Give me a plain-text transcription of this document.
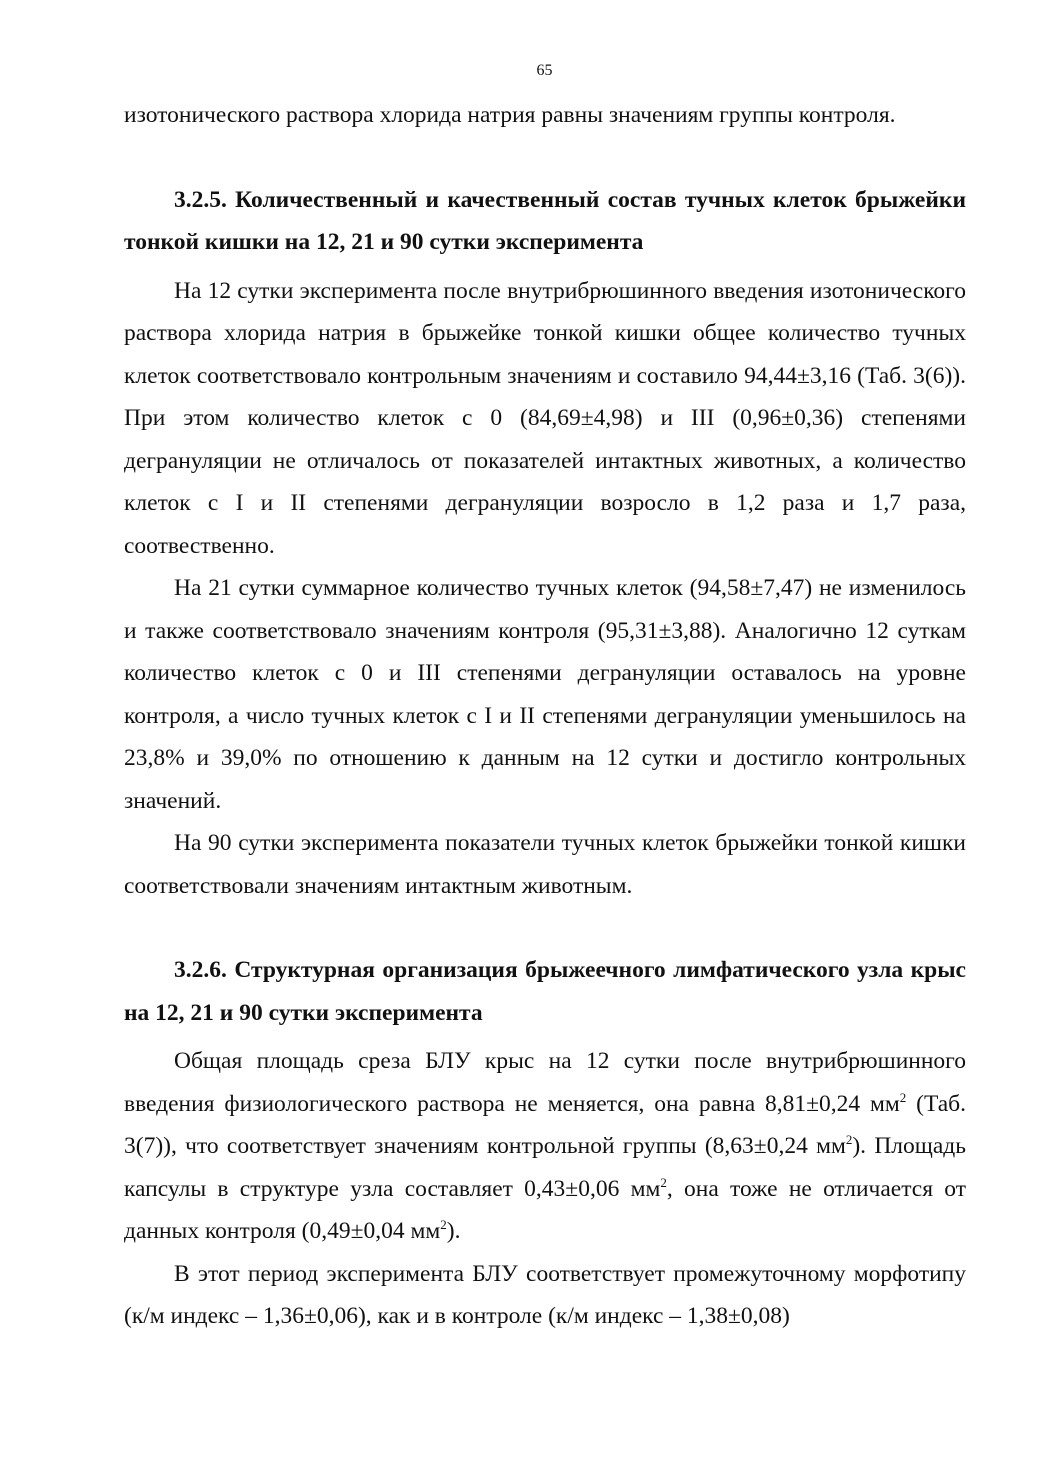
65

изотонического раствора хлорида натрия равны значениям группы контроля.

3.2.5. Количественный и качественный состав тучных клеток брыжейки тонкой кишки на 12, 21 и 90 сутки эксперимента

На 12 сутки эксперимента после внутрибрюшинного введения изотонического раствора хлорида натрия в брыжейке тонкой кишки общее количество тучных клеток соответствовало контрольным значениям и составило 94,44±3,16 (Таб. 3(6)). При этом количество клеток с 0 (84,69±4,98) и III (0,96±0,36) степенями дегрануляции не отличалось от показателей интактных животных, а количество клеток с I и II степенями дегрануляции возросло в 1,2 раза и 1,7 раза, соотвественно.

На 21 сутки суммарное количество тучных клеток (94,58±7,47) не изменилось и также соответствовало значениям контроля (95,31±3,88). Аналогично 12 суткам количество клеток с 0 и III степенями дегрануляции оставалось на уровне контроля, а число тучных клеток с I и II степенями дегрануляции уменьшилось на 23,8% и 39,0% по отношению к данным на 12 сутки и достигло контрольных значений.

На 90 сутки эксперимента показатели тучных клеток брыжейки тонкой кишки соответствовали значениям интактным животным.

3.2.6. Структурная организация брыжеечного лимфатического узла крыс на 12, 21 и 90 сутки эксперимента

Общая площадь среза БЛУ крыс на 12 сутки после внутрибрюшинного введения физиологического раствора не меняется, она равна 8,81±0,24 $мм^2$ (Таб. 3(7)), что соответствует значениям контрольной группы (8,63±0,24 $мм^2$). Площадь капсулы в структуре узла составляет 0,43±0,06 $мм^2$, она тоже не отличается от данных контроля (0,49±0,04 $мм^2$).

В этот период эксперимента БЛУ соответствует промежуточному морфотипу (к/м индекс – 1,36±0,06), как и в контроле (к/м индекс – 1,38±0,08)
